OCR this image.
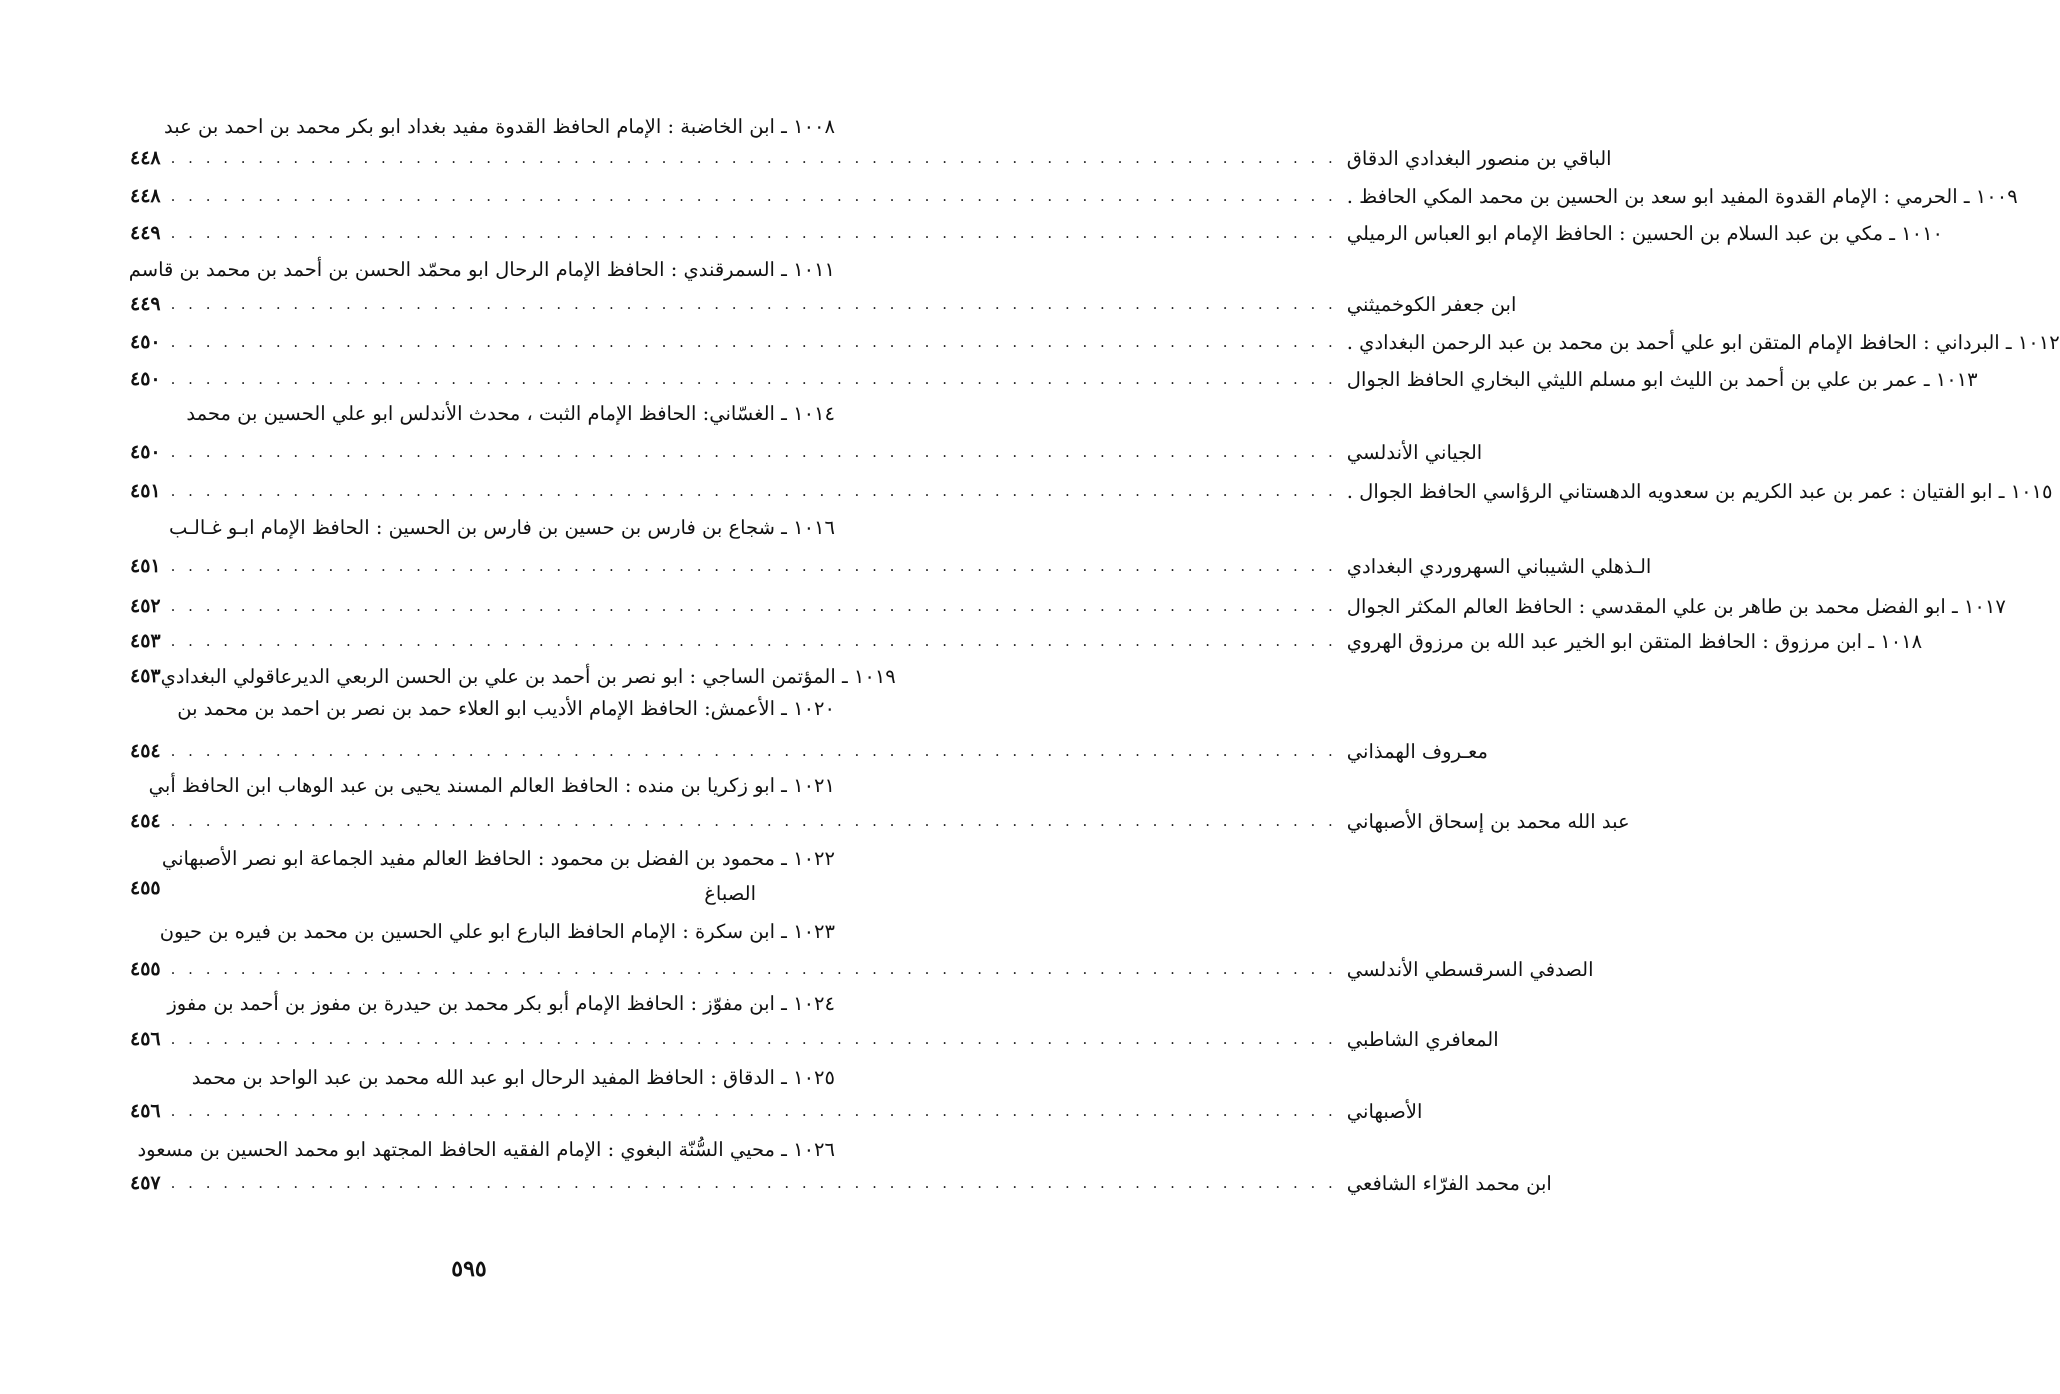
١٠٠٨ ـ ابن الخاضبة : الإمام الحافظ القدوة مفيد بغداد ابو بكر محمد بن احمد بن عبد
٤٤٨ . . . . . . . . . . . . . . . . . . . . . . . . . . . . . . . . . . . . . . . . . . . . . . . . . . . . . . . . . . . . . . . . . . . الباقي بن منصور البغدادي الدقاق
٤٤٨ . . . . . . . . . . . . . . . . . . . . . . . . . . . . . . . . . . . . . . . . . . . . . . . . . . . . . . . . . . . . . . . . . . . ١٠٠٩ ـ الحرمي : الإمام القدوة المفيد ابو سعد بن الحسين بن محمد المكي الحافظ .
٤٤٩ . . . . . . . . . . . . . . . . . . . . . . . . . . . . . . . . . . . . . . . . . . . . . . . . . . . . . . . . . . . . . . . . . . . ١٠١٠ ـ مكي بن عبد السلام بن الحسين : الحافظ الإمام ابو العباس الرميلي
١٠١١ ـ السمرقندي : الحافظ الإمام الرحال ابو محمّد الحسن بن أحمد بن محمد بن قاسم
٤٤٩ . . . . . . . . . . . . . . . . . . . . . . . . . . . . . . . . . . . . . . . . . . . . . . . . . . . . . . . . . . . . . . . . . . . ابن جعفر الكوخميثني
٤٥٠ . . . . . . . . . . . . . . . . . . . . . . . . . . . . . . . . . . . . . . . . . . . . . . . . . . . . . . . . . . . . . . . . . . . ١٠١٢ ـ البرداني : الحافظ الإمام المتقن ابو علي أحمد بن محمد بن عبد الرحمن البغدادي .
٤٥٠ . . . . . . . . . . . . . . . . . . . . . . . . . . . . . . . . . . . . . . . . . . . . . . . . . . . . . . . . . . . . . . . . . . . ١٠١٣ ـ عمر بن علي بن أحمد بن الليث ابو مسلم الليثي البخاري الحافظ الجوال
١٠١٤ ـ الغسّاني: الحافظ الإمام الثبت ، محدث الأندلس ابو علي الحسين بن محمد
٤٥٠ . . . . . . . . . . . . . . . . . . . . . . . . . . . . . . . . . . . . . . . . . . . . . . . . . . . . . . . . . . . . . . . . . . . الجياني الأندلسي
٤٥١ . . . . . . . . . . . . . . . . . . . . . . . . . . . . . . . . . . . . . . . . . . . . . . . . . . . . . . . . . . . . . . . . . . . ١٠١٥ ـ ابو الفتيان : عمر بن عبد الكريم بن سعدويه الدهستاني الرؤاسي الحافظ الجوال .
١٠١٦ ـ شجاع بن فارس بن حسين بن فارس بن الحسين : الحافظ الإمام ابـو غـالـب
٤٥١ . . . . . . . . . . . . . . . . . . . . . . . . . . . . . . . . . . . . . . . . . . . . . . . . . . . . . . . . . . . . . . . . . . . الـذهلي الشيباني السهروردي البغدادي
٤٥٢ . . . . . . . . . . . . . . . . . . . . . . . . . . . . . . . . . . . . . . . . . . . . . . . . . . . . . . . . . . . . . . . . . . . ١٠١٧ ـ ابو الفضل محمد بن طاهر بن علي المقدسي : الحافظ العالم المكثر الجوال
٤٥٣ . . . . . . . . . . . . . . . . . . . . . . . . . . . . . . . . . . . . . . . . . . . . . . . . . . . . . . . . . . . . . . . . . . . ١٠١٨ ـ ابن مرزوق : الحافظ المتقن ابو الخير عبد الله بن مرزوق الهروي
٤٥٣ ١٠١٩ ـ المؤتمن الساجي : ابو نصر بن أحمد بن علي بن الحسن الربعي الديرعاقولي البغدادي
١٠٢٠ ـ الأعمش: الحافظ الإمام الأديب ابو العلاء حمد بن نصر بن احمد بن محمد بن
٤٥٤ . . . . . . . . . . . . . . . . . . . . . . . . . . . . . . . . . . . . . . . . . . . . . . . . . . . . . . . . . . . . . . . . . . . معـروف الهمذاني
١٠٢١ ـ ابو زكريا بن منده : الحافظ العالم المسند يحيى بن عبد الوهاب ابن الحافظ أبي
٤٥٤ . . . . . . . . . . . . . . . . . . . . . . . . . . . . . . . . . . . . . . . . . . . . . . . . . . . . . . . . . . . . . . . . . . . عبد الله محمد بن إسحاق الأصبهاني
١٠٢٢ ـ محمود بن الفضل بن محمود : الحافظ العالم مفيد الجماعة ابو نصر الأصبهاني
٤٥٥	الصباغ
١٠٢٣ ـ ابن سكرة : الإمام الحافظ البارع ابو علي الحسين بن محمد بن فيره بن حيون
٤٥٥ . . . . . . . . . . . . . . . . . . . . . . . . . . . . . . . . . . . . . . . . . . . . . . . . . . . . . . . . . . . . . . . . . . . الصدفي السرقسطي الأندلسي
١٠٢٤ ـ ابن مفوّز : الحافظ الإمام أبو بكر محمد بن حيدرة بن مفوز بن أحمد بن مفوز
٤٥٦ . . . . . . . . . . . . . . . . . . . . . . . . . . . . . . . . . . . . . . . . . . . . . . . . . . . . . . . . . . . . . . . . . . . المعافري الشاطبي
١٠٢٥ ـ الدقاق : الحافظ المفيد الرحال ابو عبد الله محمد بن عبد الواحد بن محمد
٤٥٦ . . . . . . . . . . . . . . . . . . . . . . . . . . . . . . . . . . . . . . . . . . . . . . . . . . . . . . . . . . . . . . . . . . . الأصبهاني
١٠٢٦ ـ محيي السُّنّة البغوي : الإمام الفقيه الحافظ المجتهد ابو محمد الحسين بن مسعود
٤٥٧ . . . . . . . . . . . . . . . . . . . . . . . . . . . . . . . . . . . . . . . . . . . . . . . . . . . . . . . . . . . . . . . . . . . ابن محمد الفرّاء الشافعي
٥٩٥
